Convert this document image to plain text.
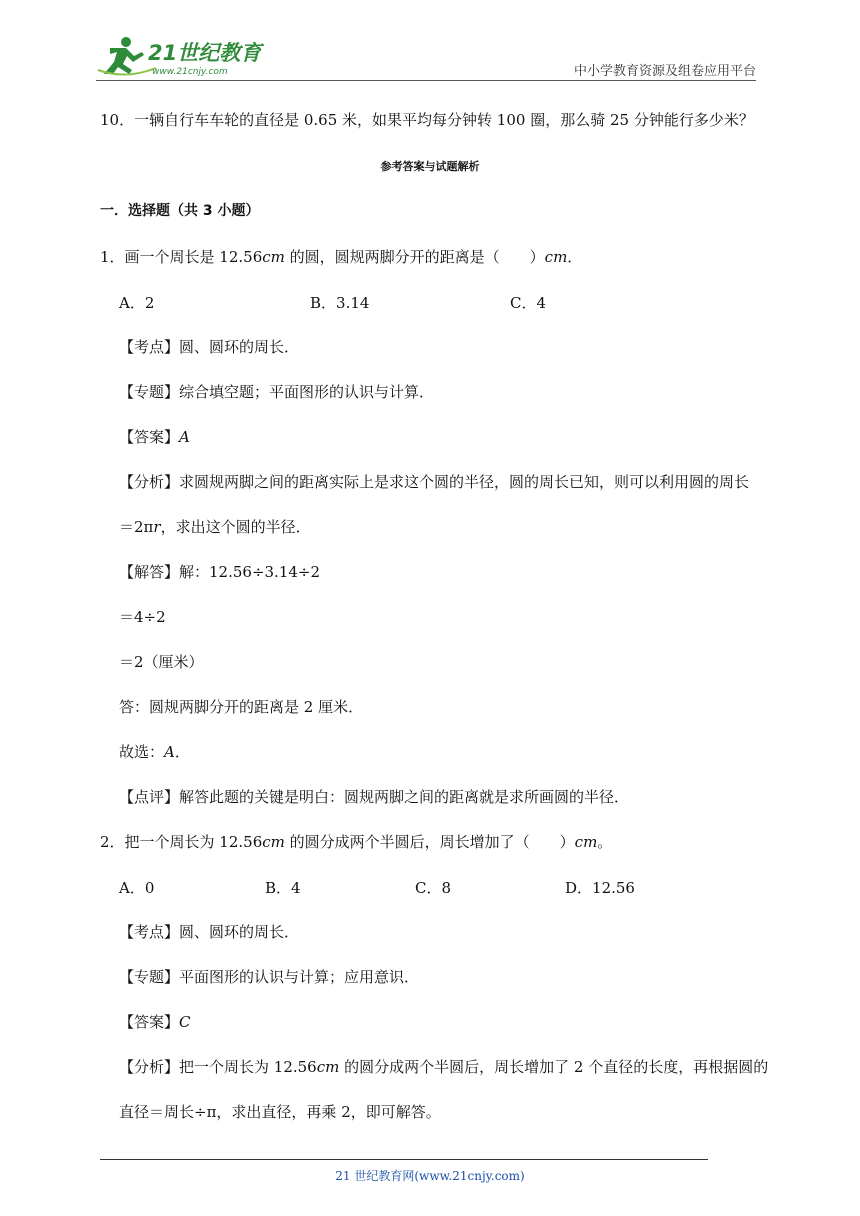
21世纪教育
www.21cnjy.com	中小学教育资源及组卷应用平台
10．一辆自行车车轮的直径是 0.65 米，如果平均每分钟转 100 圈，那么骑 25 分钟能行多少米？
参考答案与试题解析
一．选择题（共 3 小题）
1．画一个周长是 12.56cm 的圆，圆规两脚分开的距离是（　　）cm．
A．2	B．3.14	C．4
【考点】圆、圆环的周长．
【专题】综合填空题；平面图形的认识与计算．
【答案】A
【分析】求圆规两脚之间的距离实际上是求这个圆的半径，圆的周长已知，则可以利用圆的周长
＝2πr，求出这个圆的半径．
【解答】解：12.56÷3.14÷2
＝4÷2
＝2（厘米）
答：圆规两脚分开的距离是 2 厘米．
故选：A．
【点评】解答此题的关键是明白：圆规两脚之间的距离就是求所画圆的半径．
2．把一个周长为 12.56cm 的圆分成两个半圆后，周长增加了（　　）cm。
A．0	B．4	C．8	D．12.56
【考点】圆、圆环的周长．
【专题】平面图形的认识与计算；应用意识．
【答案】C
【分析】把一个周长为 12.56cm 的圆分成两个半圆后，周长增加了 2 个直径的长度，再根据圆的
直径＝周长÷π，求出直径，再乘 2，即可解答。
21 世纪教育网(www.21cnjy.com)
